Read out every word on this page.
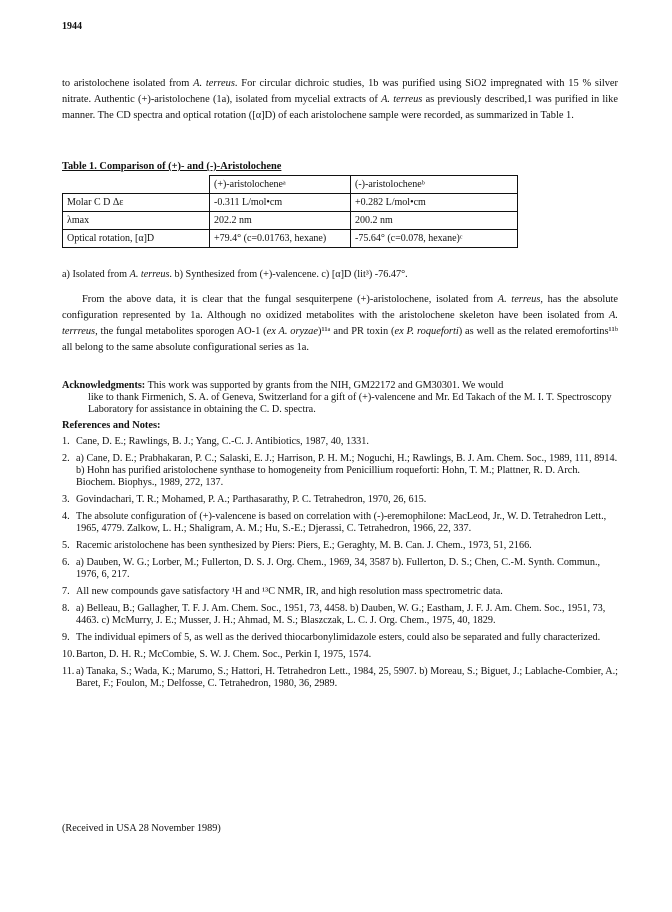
1944
to aristolochene isolated from A. terreus. For circular dichroic studies, 1b was purified using SiO2 impregnated with 15 % silver nitrate. Authentic (+)-aristolochene (1a), isolated from mycelial extracts of A. terreus as previously described,1 was purified in like manner. The CD spectra and optical rotation ([α]D) of each aristolochene sample were recorded, as summarized in Table 1.
Table 1. Comparison of (+)- and (-)-Aristolochene
	(+)-aristolocheneᵃ	(-)-aristolocheneᵇ
Molar C D Δε	-0.311 L/mol•cm	+0.282 L/mol•cm
λmax	202.2 nm	200.2 nm
Optical rotation, [α]D	+79.4° (c=0.01763, hexane)	-75.64° (c=0.078, hexane)ᶜ
a) Isolated from A. terreus. b) Synthesized from (+)-valencene. c) [α]D (lit³) -76.47°.
From the above data, it is clear that the fungal sesquiterpene (+)-aristolochene, isolated from A. terreus, has the absolute configuration represented by 1a. Although no oxidized metabolites with the aristolochene skeleton have been isolated from A. terrreus, the fungal metabolites sporogen AO-1 (ex A. oryzae)¹¹ᵃ and PR toxin (ex P. roqueforti) as well as the related eremofortins¹¹ᵇ all belong to the same absolute configurational series as 1a.
Acknowledgments: This work was supported by grants from the NIH, GM22172 and GM30301. We would
like to thank Firmenich, S. A. of Geneva, Switzerland for a gift of (+)-valencene and Mr. Ed Takach of the M. I. T. Spectroscopy Laboratory for assistance in obtaining the C. D. spectra.
References and Notes:
1. Cane, D. E.; Rawlings, B. J.; Yang, C.-C. J. Antibiotics, 1987, 40, 1331.
2. a) Cane, D. E.; Prabhakaran, P. C.; Salaski, E. J.; Harrison, P. H. M.; Noguchi, H.; Rawlings, B. J. Am. Chem. Soc., 1989, 111, 8914. b) Hohn has purified aristolochene synthase to homogeneity from Penicillium roqueforti: Hohn, T. M.; Plattner, R. D. Arch. Biochem. Biophys., 1989, 272, 137.
3. Govindachari, T. R.; Mohamed, P. A.; Parthasarathy, P. C. Tetrahedron, 1970, 26, 615.
4. The absolute configuration of (+)-valencene is based on correlation with (-)-eremophilone: MacLeod, Jr., W. D. Tetrahedron Lett., 1965, 4779. Zalkow, L. H.; Shaligram, A. M.; Hu, S.-E.; Djerassi, C. Tetrahedron, 1966, 22, 337.
5. Racemic aristolochene has been synthesized by Piers: Piers, E.; Geraghty, M. B. Can. J. Chem., 1973, 51, 2166.
6. a) Dauben, W. G.; Lorber, M.; Fullerton, D. S. J. Org. Chem., 1969, 34, 3587 b). Fullerton, D. S.; Chen, C.-M. Synth. Commun., 1976, 6, 217.
7. All new compounds gave satisfactory ¹H and ¹³C NMR, IR, and high resolution mass spectrometric data.
8. a) Belleau, B.; Gallagher, T. F. J. Am. Chem. Soc., 1951, 73, 4458. b) Dauben, W. G.; Eastham, J. F. J. Am. Chem. Soc., 1951, 73, 4463. c) McMurry, J. E.; Musser, J. H.; Ahmad, M. S.; Blaszczak, L. C. J. Org. Chem., 1975, 40, 1829.
9. The individual epimers of 5, as well as the derived thiocarbonylimidazole esters, could also be separated and fully characterized.
10. Barton, D. H. R.; McCombie, S. W. J. Chem. Soc., Perkin I, 1975, 1574.
11. a) Tanaka, S.; Wada, K.; Marumo, S.; Hattori, H. Tetrahedron Lett., 1984, 25, 5907. b) Moreau, S.; Biguet, J.; Lablache-Combier, A.; Baret, F.; Foulon, M.; Delfosse, C. Tetrahedron, 1980, 36, 2989.
(Received in USA 28 November 1989)
